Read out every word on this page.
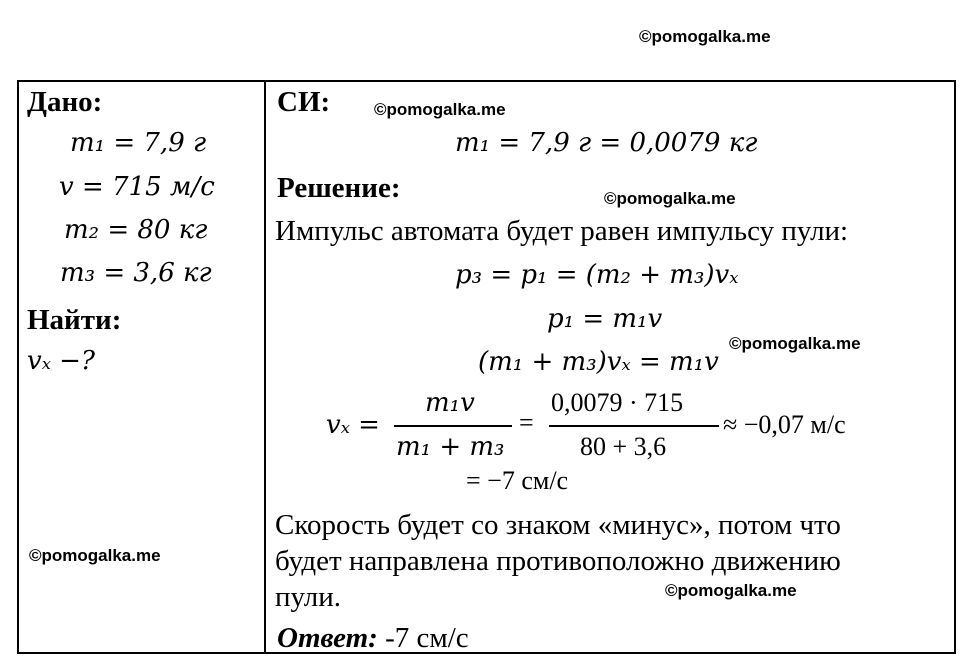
©pomogalka.me
©pomogalka.me
©pomogalka.me
©pomogalka.me
©pomogalka.me
©pomogalka.me
Дано:
m₁ = 7,9 г
v = 715 м/с
m₂ = 80 кг
m₃ = 3,6 кг
Найти:
vₓ −?
СИ:
m₁ = 7,9 г = 0,0079 кг
Решение:
Импульс автомата будет равен импульсу пули:
p₃ = p₁ = (m₂ + m₃)vₓ
p₁ = m₁v
(m₁ + m₃)vₓ = m₁v
vₓ =
m₁v
m₁ + m₃
=
0,0079 · 715
80 + 3,6
≈ −0,07 м/с
= −7 см/с
Скорость будет со знаком «минус», потом что
будет направлена противоположно движению
пули.
Ответ: -7 см/с
